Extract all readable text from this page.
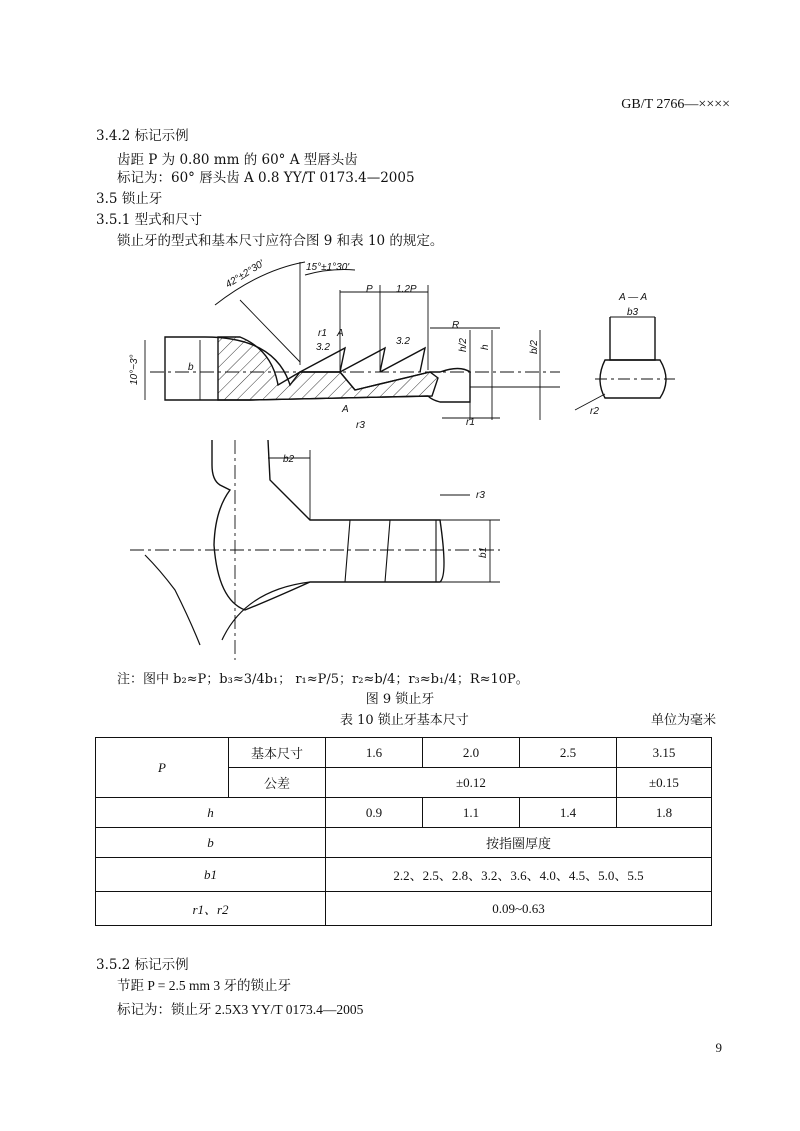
GB/T 2766—××××
3.4.2 标记示例
齿距 P 为 0.80 mm 的 60° A 型唇头齿
标记为：60° 唇头齿 A 0.8 YY/T 0173.4—2005
3.5 锁止牙
3.5.1 型式和尺寸
锁止牙的型式和基本尺寸应符合图 9 和表 10 的规定。
42°±2°30'	15°±1°30'
P 1.2P
r1 A
3.2
3.2
R
h/2 h	b/2
10°~3°	b
A
r3	r1
A — A
b3
r2
b2
r3
b1
注：图中 b₂≈P；b₃≈3/4b₁； r₁≈P/5；r₂≈b/4；r₃≈b₁/4；R≈10P。
图 9 锁止牙
表 10 锁止牙基本尺寸	单位为毫米
P	基本尺寸	1.6	2.0	2.5	3.15
	公差	±0.12			±0.15
h		0.9	1.1	1.4	1.8
b		按指圈厚度			
b1		2.2、2.5、2.8、3.2、3.6、4.0、4.5、5.0、5.5			
r1、r2		0.09~0.63			
3.5.2 标记示例
节距 P = 2.5 mm 3 牙的锁止牙
标记为：锁止牙 2.5X3 YY/T 0173.4—2005
9
